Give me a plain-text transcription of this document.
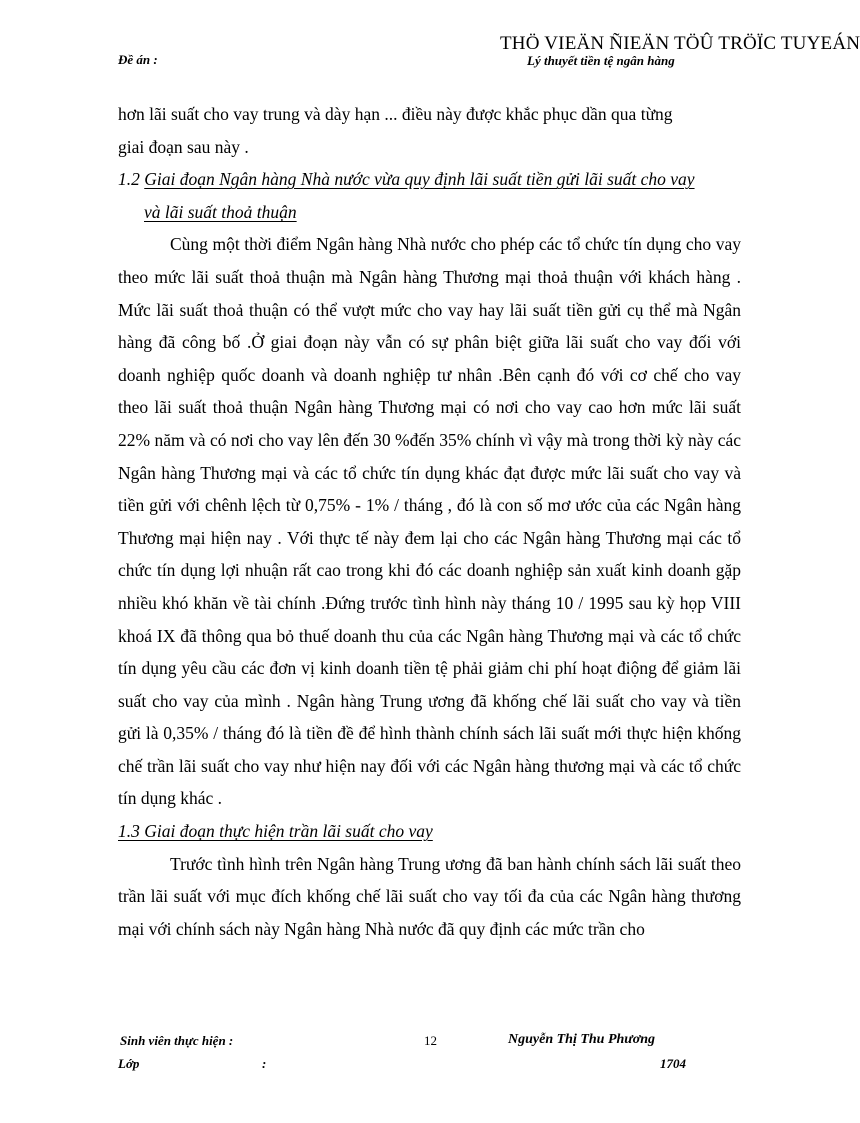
THÖ VIEÄN ÑIEÄN TÖÛ TRÖÏC TUYEÁN
Đề án :	Lý thuyết tiền tệ ngân hàng

hơn lãi suất cho vay trung và dày hạn ... điều này được khắc phục dần qua từng
giai đoạn sau này .

1.2 Giai đoạn Ngân hàng Nhà nước vừa quy định lãi suất tiền gửi lãi suất cho vay

và lãi suất thoả thuận

Cùng một thời điểm Ngân hàng Nhà nước cho phép các tổ chức tín dụng cho vay theo mức lãi suất thoả thuận mà Ngân hàng Thương mại thoả thuận với khách hàng . Mức lãi suất thoả thuận có thể vượt mức cho vay hay lãi suất tiền gửi cụ thể mà Ngân hàng đã công bố .Ở giai đoạn này vẫn có sự phân biệt giữa lãi suất cho vay đối với doanh nghiệp quốc doanh và doanh nghiệp tư nhân .Bên cạnh đó với cơ chế cho vay theo lãi suất thoả thuận Ngân hàng Thương mại có nơi cho vay cao hơn mức lãi suất 22% năm và có nơi cho vay lên đến 30 %đến 35% chính vì vậy mà trong thời kỳ này các Ngân hàng Thương mại và các tổ chức tín dụng khác đạt được mức lãi suất cho vay và tiền gửi với chênh lệch từ 0,75% - 1% / tháng , đó là con số mơ ước của các Ngân hàng Thương mại hiện nay . Với thực tế này đem lại cho các Ngân hàng Thương mại các tổ chức tín dụng lợi nhuận rất cao trong khi đó các doanh nghiệp sản xuất kinh doanh gặp nhiều khó khăn về tài chính .Đứng trước tình hình này tháng 10 / 1995 sau kỳ họp VIII khoá IX đã thông qua bỏ thuế doanh thu của các Ngân hàng Thương mại và các tổ chức tín dụng yêu cầu các đơn vị kinh doanh tiền tệ phải giảm chi phí hoạt điộng để giảm lãi suất cho vay của mình . Ngân hàng Trung ương đã khống chế lãi suất cho vay và tiền gửi là 0,35% / tháng đó là tiền đề để hình thành chính sách lãi suất mới thực hiện khống chế trần lãi suất cho vay như hiện nay đối với các Ngân hàng thương mại và các tổ chức tín dụng khác .

1.3 Giai đoạn thực hiện trần lãi suất cho vay

Trước tình hình trên Ngân hàng Trung ương đã ban hành chính sách lãi suất theo trần lãi suất với mục đích khống chế lãi suất cho vay tối đa của các Ngân hàng thương mại với chính sách này Ngân hàng Nhà nước đã quy định các mức trần cho

Sinh viên thực hiện :
Lớp	:
12	Nguyễn Thị Thu Phương
1704
